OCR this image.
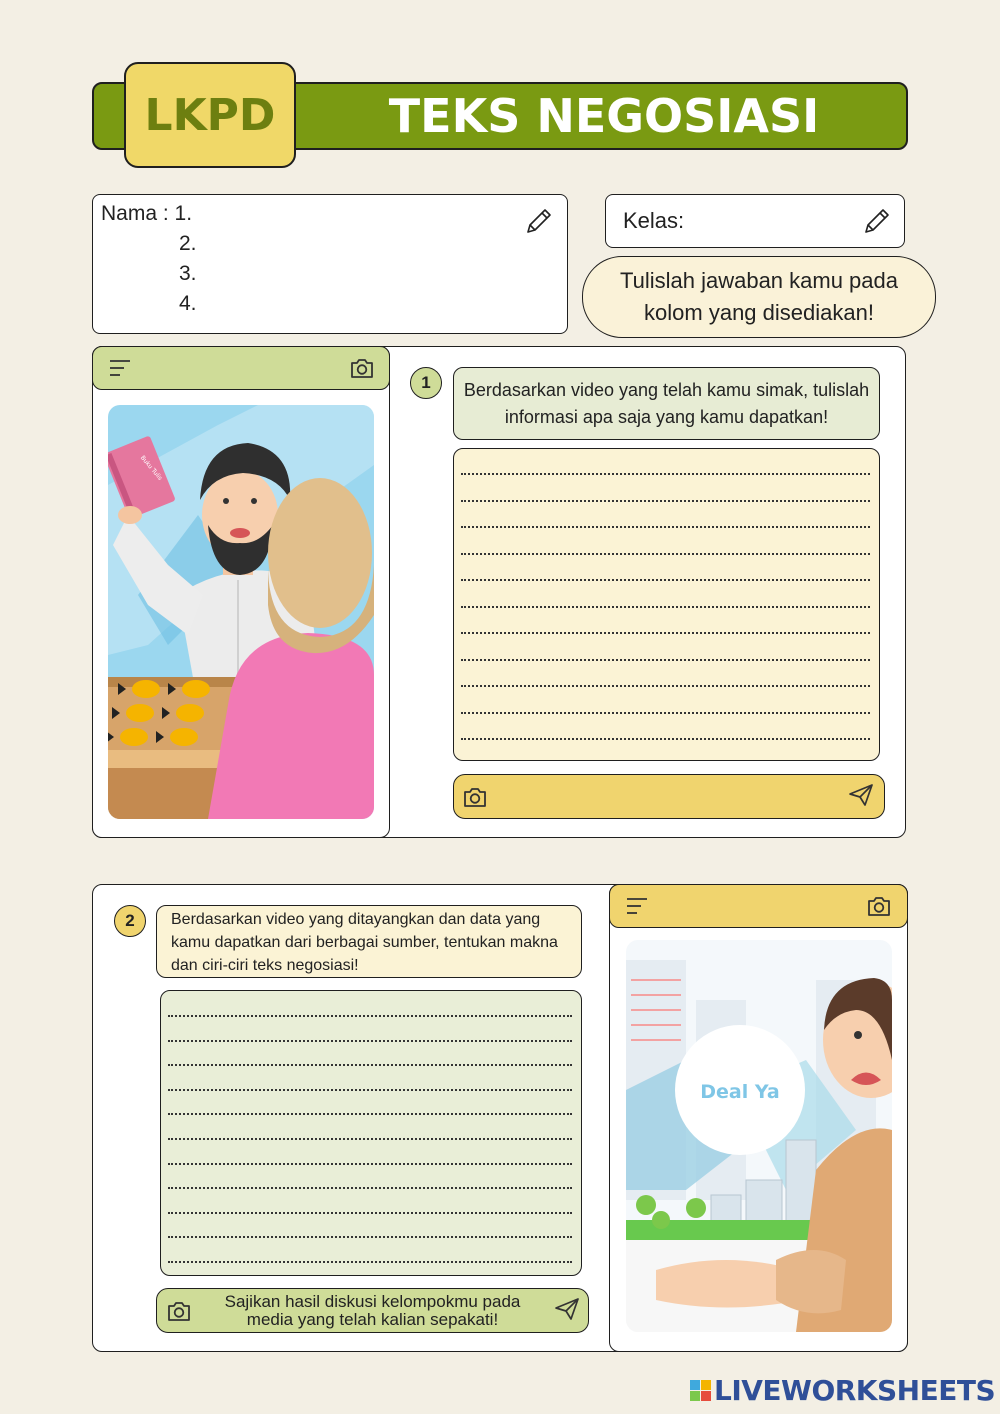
TEKS NEGOSIASI
LKPD
Nama : 1.
2.
3.
4.
Kelas:
Tulislah jawaban kamu pada kolom yang disediakan!
Buku Tulis
1	Berdasarkan video yang telah kamu simak, tulislah informasi apa saja yang kamu dapatkan!
Deal Ya
2	Berdasarkan video yang ditayangkan dan data yang kamu dapatkan dari berbagai sumber, tentukan makna dan ciri-ciri teks negosiasi!
Sajikan hasil diskusi kelompokmu pada media yang telah kalian sepakati!
LIVEWORKSHEETS
